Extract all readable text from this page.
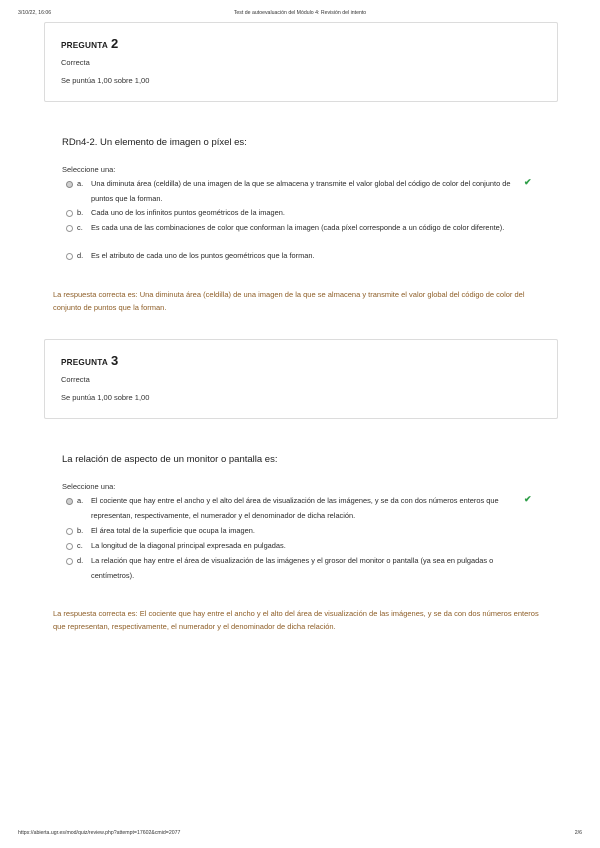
3/10/22, 16:06	Test de autoevaluación del Módulo 4: Revisión del intento
PREGUNTA 2
Correcta
Se puntúa 1,00 sobre 1,00
RDn4-2. Un elemento de imagen o píxel es:
Seleccione una:
a. Una diminuta área (celdilla) de una imagen de la que se almacena y transmite el valor global del código de color del conjunto de puntos que la forman.
✔
b. Cada uno de los infinitos puntos geométricos de la imagen.
c. Es cada una de las combinaciones de color que conforman la imagen (cada píxel corresponde a un código de color diferente).
d. Es el atributo de cada uno de los puntos geométricos que la forman.
La respuesta correcta es: Una diminuta área (celdilla) de una imagen de la que se almacena y transmite el valor global del código de color del conjunto de puntos que la forman.
PREGUNTA 3
Correcta
Se puntúa 1,00 sobre 1,00
La relación de aspecto de un monitor o pantalla es:
Seleccione una:
a. El cociente que hay entre el ancho y el alto del área de visualización de las imágenes, y se da con dos números enteros que representan, respectivamente, el numerador y el denominador de dicha relación.
✔
b. El área total de la superficie que ocupa la imagen.
c. La longitud de la diagonal principal expresada en pulgadas.
d. La relación que hay entre el área de visualización de las imágenes y el grosor del monitor o pantalla (ya sea en pulgadas o centímetros).
La respuesta correcta es: El cociente que hay entre el ancho y el alto del área de visualización de las imágenes, y se da con dos números enteros que representan, respectivamente, el numerador y el denominador de dicha relación.
https://abierta.ugr.es/mod/quiz/review.php?attempt=17602&cmid=2077	2/6
